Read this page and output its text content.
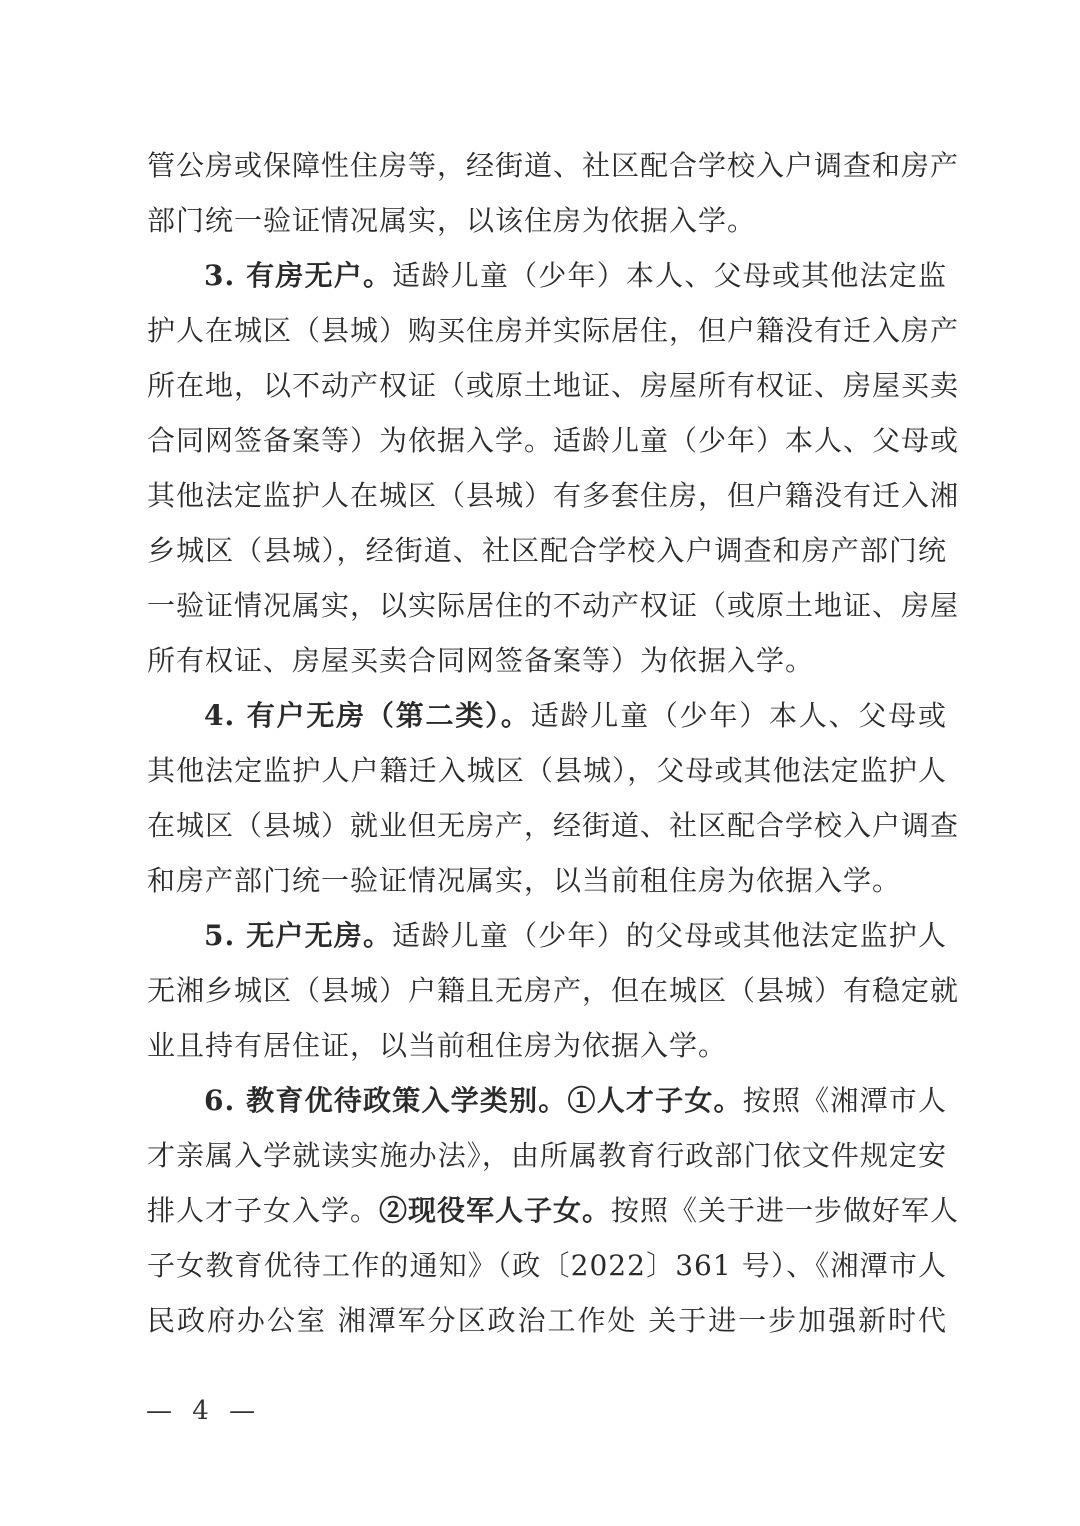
管公房或保障性住房等，经街道、社区配合学校入户调查和房产
部门统一验证情况属实，以该住房为依据入学。
3. 有房无户。适龄儿童（少年）本人、父母或其他法定监
护人在城区（县城）购买住房并实际居住，但户籍没有迁入房产
所在地，以不动产权证（或原土地证、房屋所有权证、房屋买卖
合同网签备案等）为依据入学。适龄儿童（少年）本人、父母或
其他法定监护人在城区（县城）有多套住房，但户籍没有迁入湘
乡城区（县城），经街道、社区配合学校入户调查和房产部门统
一验证情况属实，以实际居住的不动产权证（或原土地证、房屋
所有权证、房屋买卖合同网签备案等）为依据入学。
4. 有户无房（第二类）。适龄儿童（少年）本人、父母或
其他法定监护人户籍迁入城区（县城），父母或其他法定监护人
在城区（县城）就业但无房产，经街道、社区配合学校入户调查
和房产部门统一验证情况属实，以当前租住房为依据入学。
5. 无户无房。适龄儿童（少年）的父母或其他法定监护人
无湘乡城区（县城）户籍且无房产，但在城区（县城）有稳定就
业且持有居住证，以当前租住房为依据入学。
6. 教育优待政策入学类别。①人才子女。按照《湘潭市人
才亲属入学就读实施办法》，由所属教育行政部门依文件规定安
排人才子女入学。②现役军人子女。按照《关于进一步做好军人
子女教育优待工作的通知》（政〔2022〕361 号）、《湘潭市人
民政府办公室 湘潭军分区政治工作处 关于进一步加强新时代
— 4 —
